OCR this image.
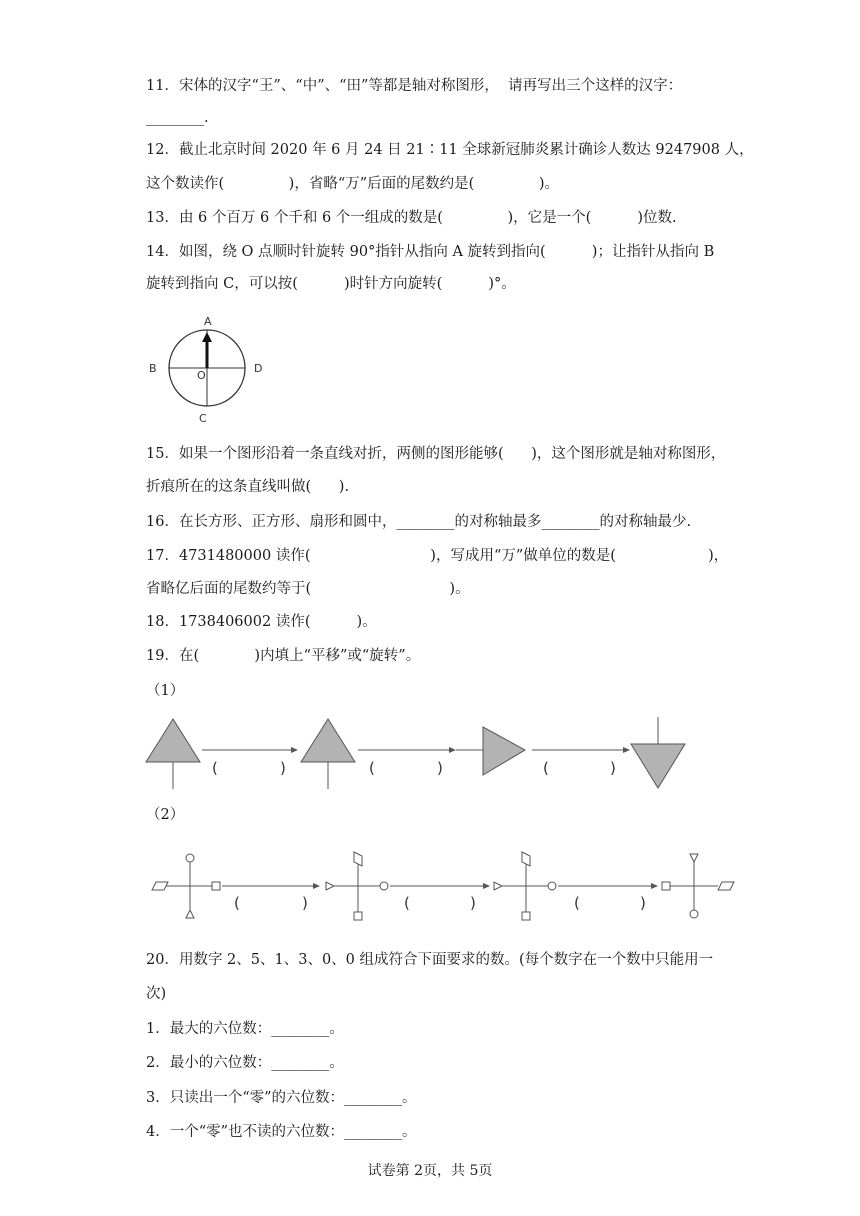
11．宋体的汉字“王”、“中”、“田”等都是轴对称图形，  请再写出三个这样的汉字：
________.
12．截止北京时间 2020 年 6 月 24 日 21∶11 全球新冠肺炎累计确诊人数达 9247908 人，
这个数读作(              )，省略“万”后面的尾数约是(              )。
13．由 6 个百万 6 个千和 6 个一组成的数是(              )，它是一个(          )位数.
14．如图，绕 O 点顺时针旋转 90°指针从指向 A 旋转到指向(          )；让指针从指向 B
旋转到指向 C，可以按(          )时针方向旋转(          )°。
A
B
C
D
O
15．如果一个图形沿着一条直线对折，两侧的图形能够(      )，这个图形就是轴对称图形，
折痕所在的这条直线叫做(      ).
16．在长方形、正方形、扇形和圆中，________的对称轴最多________的对称轴最少.
17．4731480000 读作(                          )，写成用“万”做单位的数是(                    )，
省略亿后面的尾数约等于(                              )。
18．1738406002 读作(          )。
19．在(            )内填上“平移”或“旋转”。
（1）
(	)	(	)	(	)
（2）
(	)	(	)	(	)
20．用数字 2、5、1、3、0、0 组成符合下面要求的数。(每个数字在一个数中只能用一
次)
1．最大的六位数：________。
2．最小的六位数：________。
3．只读出一个“零”的六位数：________。
4．一个“零”也不读的六位数：________。
试卷第 2页，共 5页
